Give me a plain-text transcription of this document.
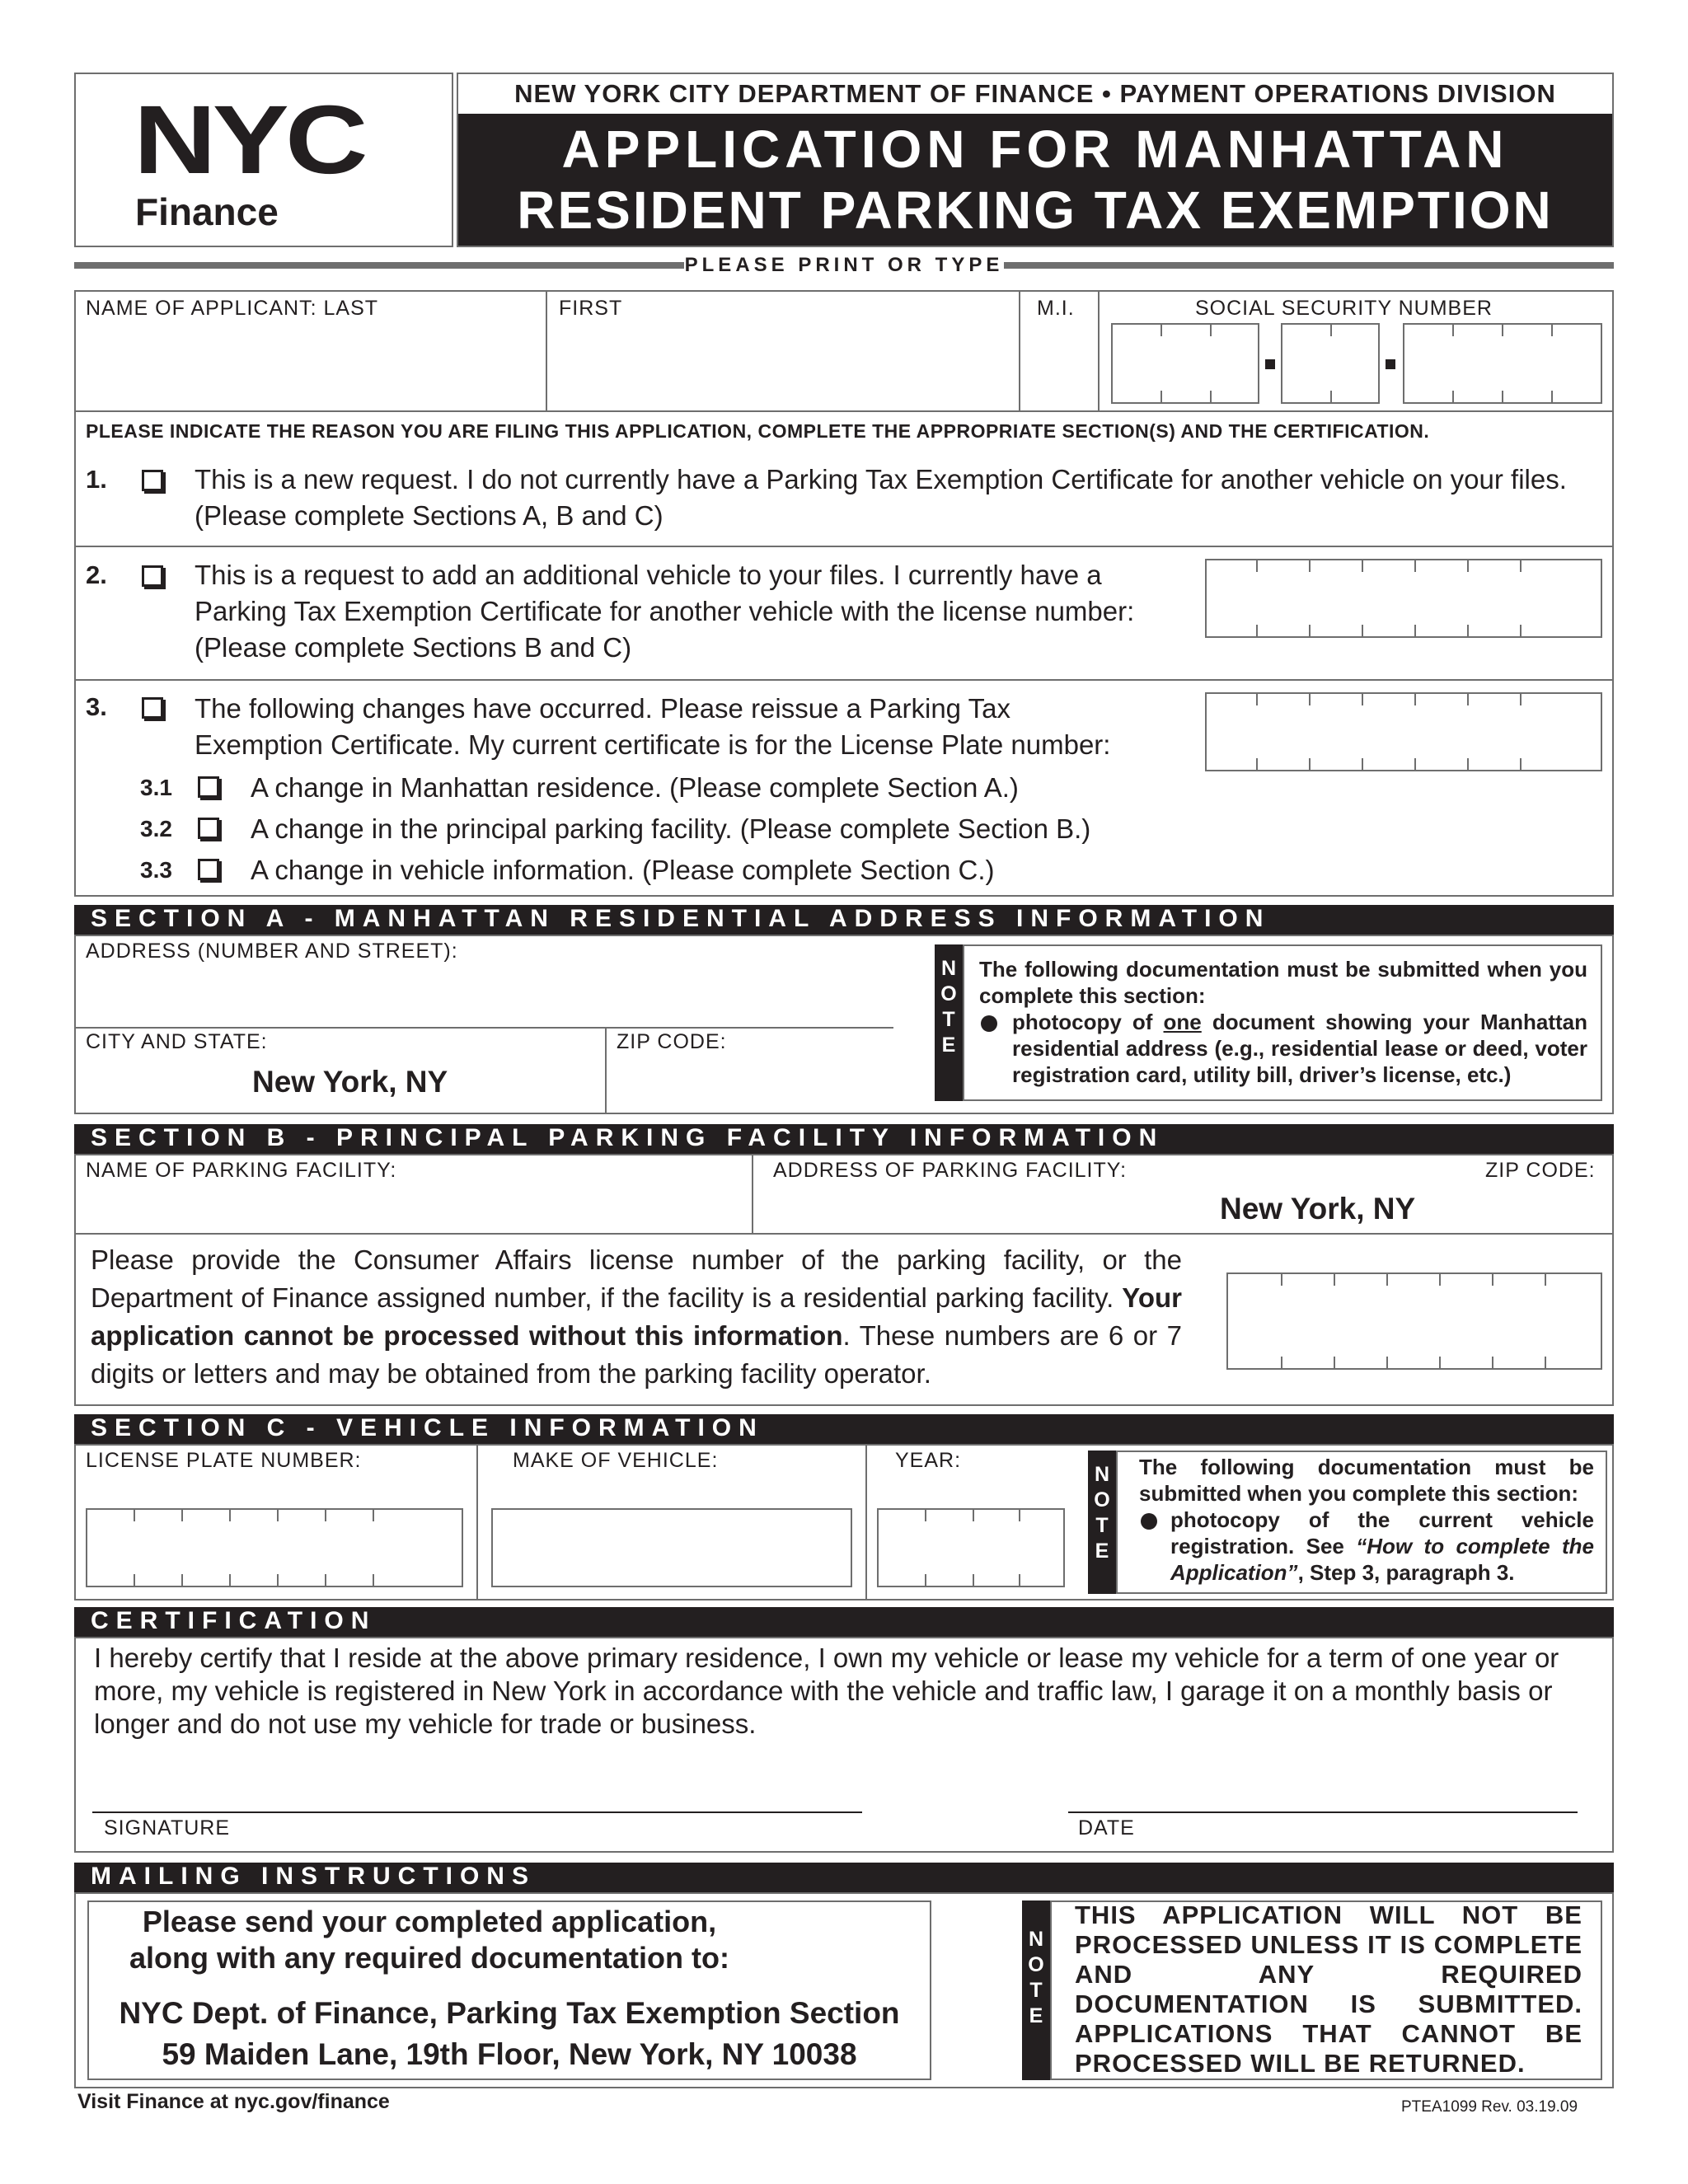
NYC
Finance
NEW YORK CITY DEPARTMENT OF FINANCE • PAYMENT OPERATIONS DIVISION
APPLICATION FOR MANHATTAN
RESIDENT PARKING TAX EXEMPTION
PLEASE PRINT OR TYPE
NAME OF APPLICANT: LAST	FIRST	M.I.	SOCIAL SECURITY NUMBER
PLEASE INDICATE THE REASON YOU ARE FILING THIS APPLICATION, COMPLETE THE APPROPRIATE SECTION(S) AND THE CERTIFICATION.
1.	This is a new request. I do not currently have a Parking Tax Exemption Certificate for another vehicle on your files.
(Please complete Sections A, B and C)
2.	This is a request to add an additional vehicle to your files. I currently have a
Parking Tax Exemption Certificate for another vehicle with the license number:
(Please complete Sections B and C)
3.	The following changes have occurred. Please reissue a Parking Tax
Exemption Certificate. My current certificate is for the License Plate number:
3.1	A change in Manhattan residence. (Please complete Section A.)
3.2	A change in the principal parking facility. (Please complete Section B.)
3.3	A change in vehicle information. (Please complete Section C.)
SECTION A - MANHATTAN RESIDENTIAL ADDRESS INFORMATION
ADDRESS (NUMBER AND STREET):
CITY AND STATE:
New York, NY
ZIP CODE:
N O T E
The following documentation must be submitted when you complete this section:
photocopy of one document showing your Manhattan residential address (e.g., residential lease or deed, voter registration card, utility bill, driver’s license, etc.)
SECTION B - PRINCIPAL PARKING FACILITY INFORMATION
NAME OF PARKING FACILITY:	ADDRESS OF PARKING FACILITY:	ZIP CODE:
New York, NY
Please provide the Consumer Affairs license number of the parking facility, or the Department of Finance assigned number, if the facility is a residential parking facility. Your application cannot be processed without this information. These numbers are 6 or 7 digits or letters and may be obtained from the parking facility operator.
SECTION C - VEHICLE INFORMATION
LICENSE PLATE NUMBER:	MAKE OF VEHICLE:	YEAR:
N O T E
The following documentation must be submitted when you complete this section:
photocopy of the current vehicle registration. See “How to complete the Application”, Step 3, paragraph 3.
CERTIFICATION
I hereby certify that I reside at the above primary residence, I own my vehicle or lease my vehicle for a term of one year or more, my vehicle is registered in New York in accordance with the vehicle and traffic law, I garage it on a monthly basis or longer and do not use my vehicle for trade or business.
SIGNATURE	DATE
MAILING INSTRUCTIONS
Please send your completed application,
along with any required documentation to:
NYC Dept. of Finance, Parking Tax Exemption Section
59 Maiden Lane, 19th Floor, New York, NY 10038
N O T E
THIS APPLICATION WILL NOT BE PROCESSED UNLESS IT IS COMPLETE AND ANY REQUIRED DOCUMENTATION IS SUBMITTED. APPLICATIONS THAT CANNOT BE PROCESSED WILL BE RETURNED.
Visit Finance at nyc.gov/finance	PTEA1099 Rev. 03.19.09
